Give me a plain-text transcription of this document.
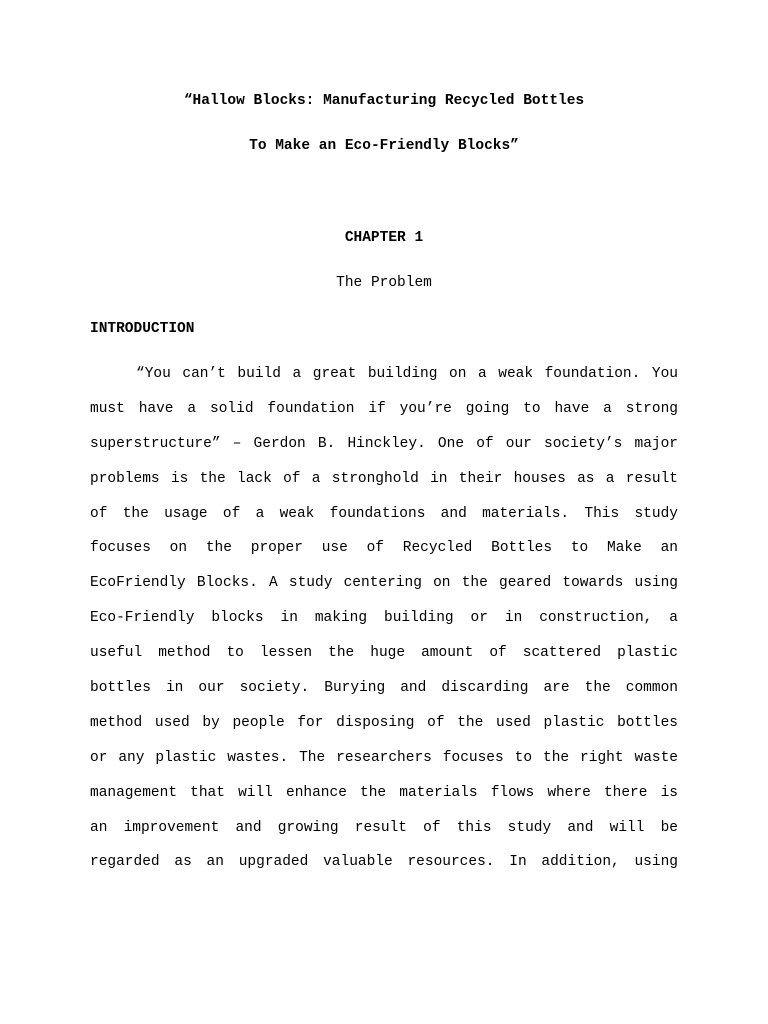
“Hallow Blocks: Manufacturing Recycled Bottles
To Make an Eco-Friendly Blocks”
CHAPTER 1
The Problem
INTRODUCTION
“You can’t build a great building on a weak foundation. You
must have a solid foundation if you’re going to have a strong
superstructure” – Gerdon B. Hinckley. One of our society’s major
problems is the lack of a stronghold in their houses as a result
of the usage of a weak foundations and materials. This study
focuses on the proper use of Recycled Bottles to Make an
EcoFriendly Blocks. A study centering on the geared towards using
Eco-Friendly blocks in making building or in construction, a
useful method to lessen the huge amount of scattered plastic
bottles in our society. Burying and discarding are the common
method used by people for disposing of the used plastic bottles
or any plastic wastes. The researchers focuses to the right waste
management that will enhance the materials flows where there is
an improvement and growing result of this study and will be
regarded as an upgraded valuable resources. In addition, using
